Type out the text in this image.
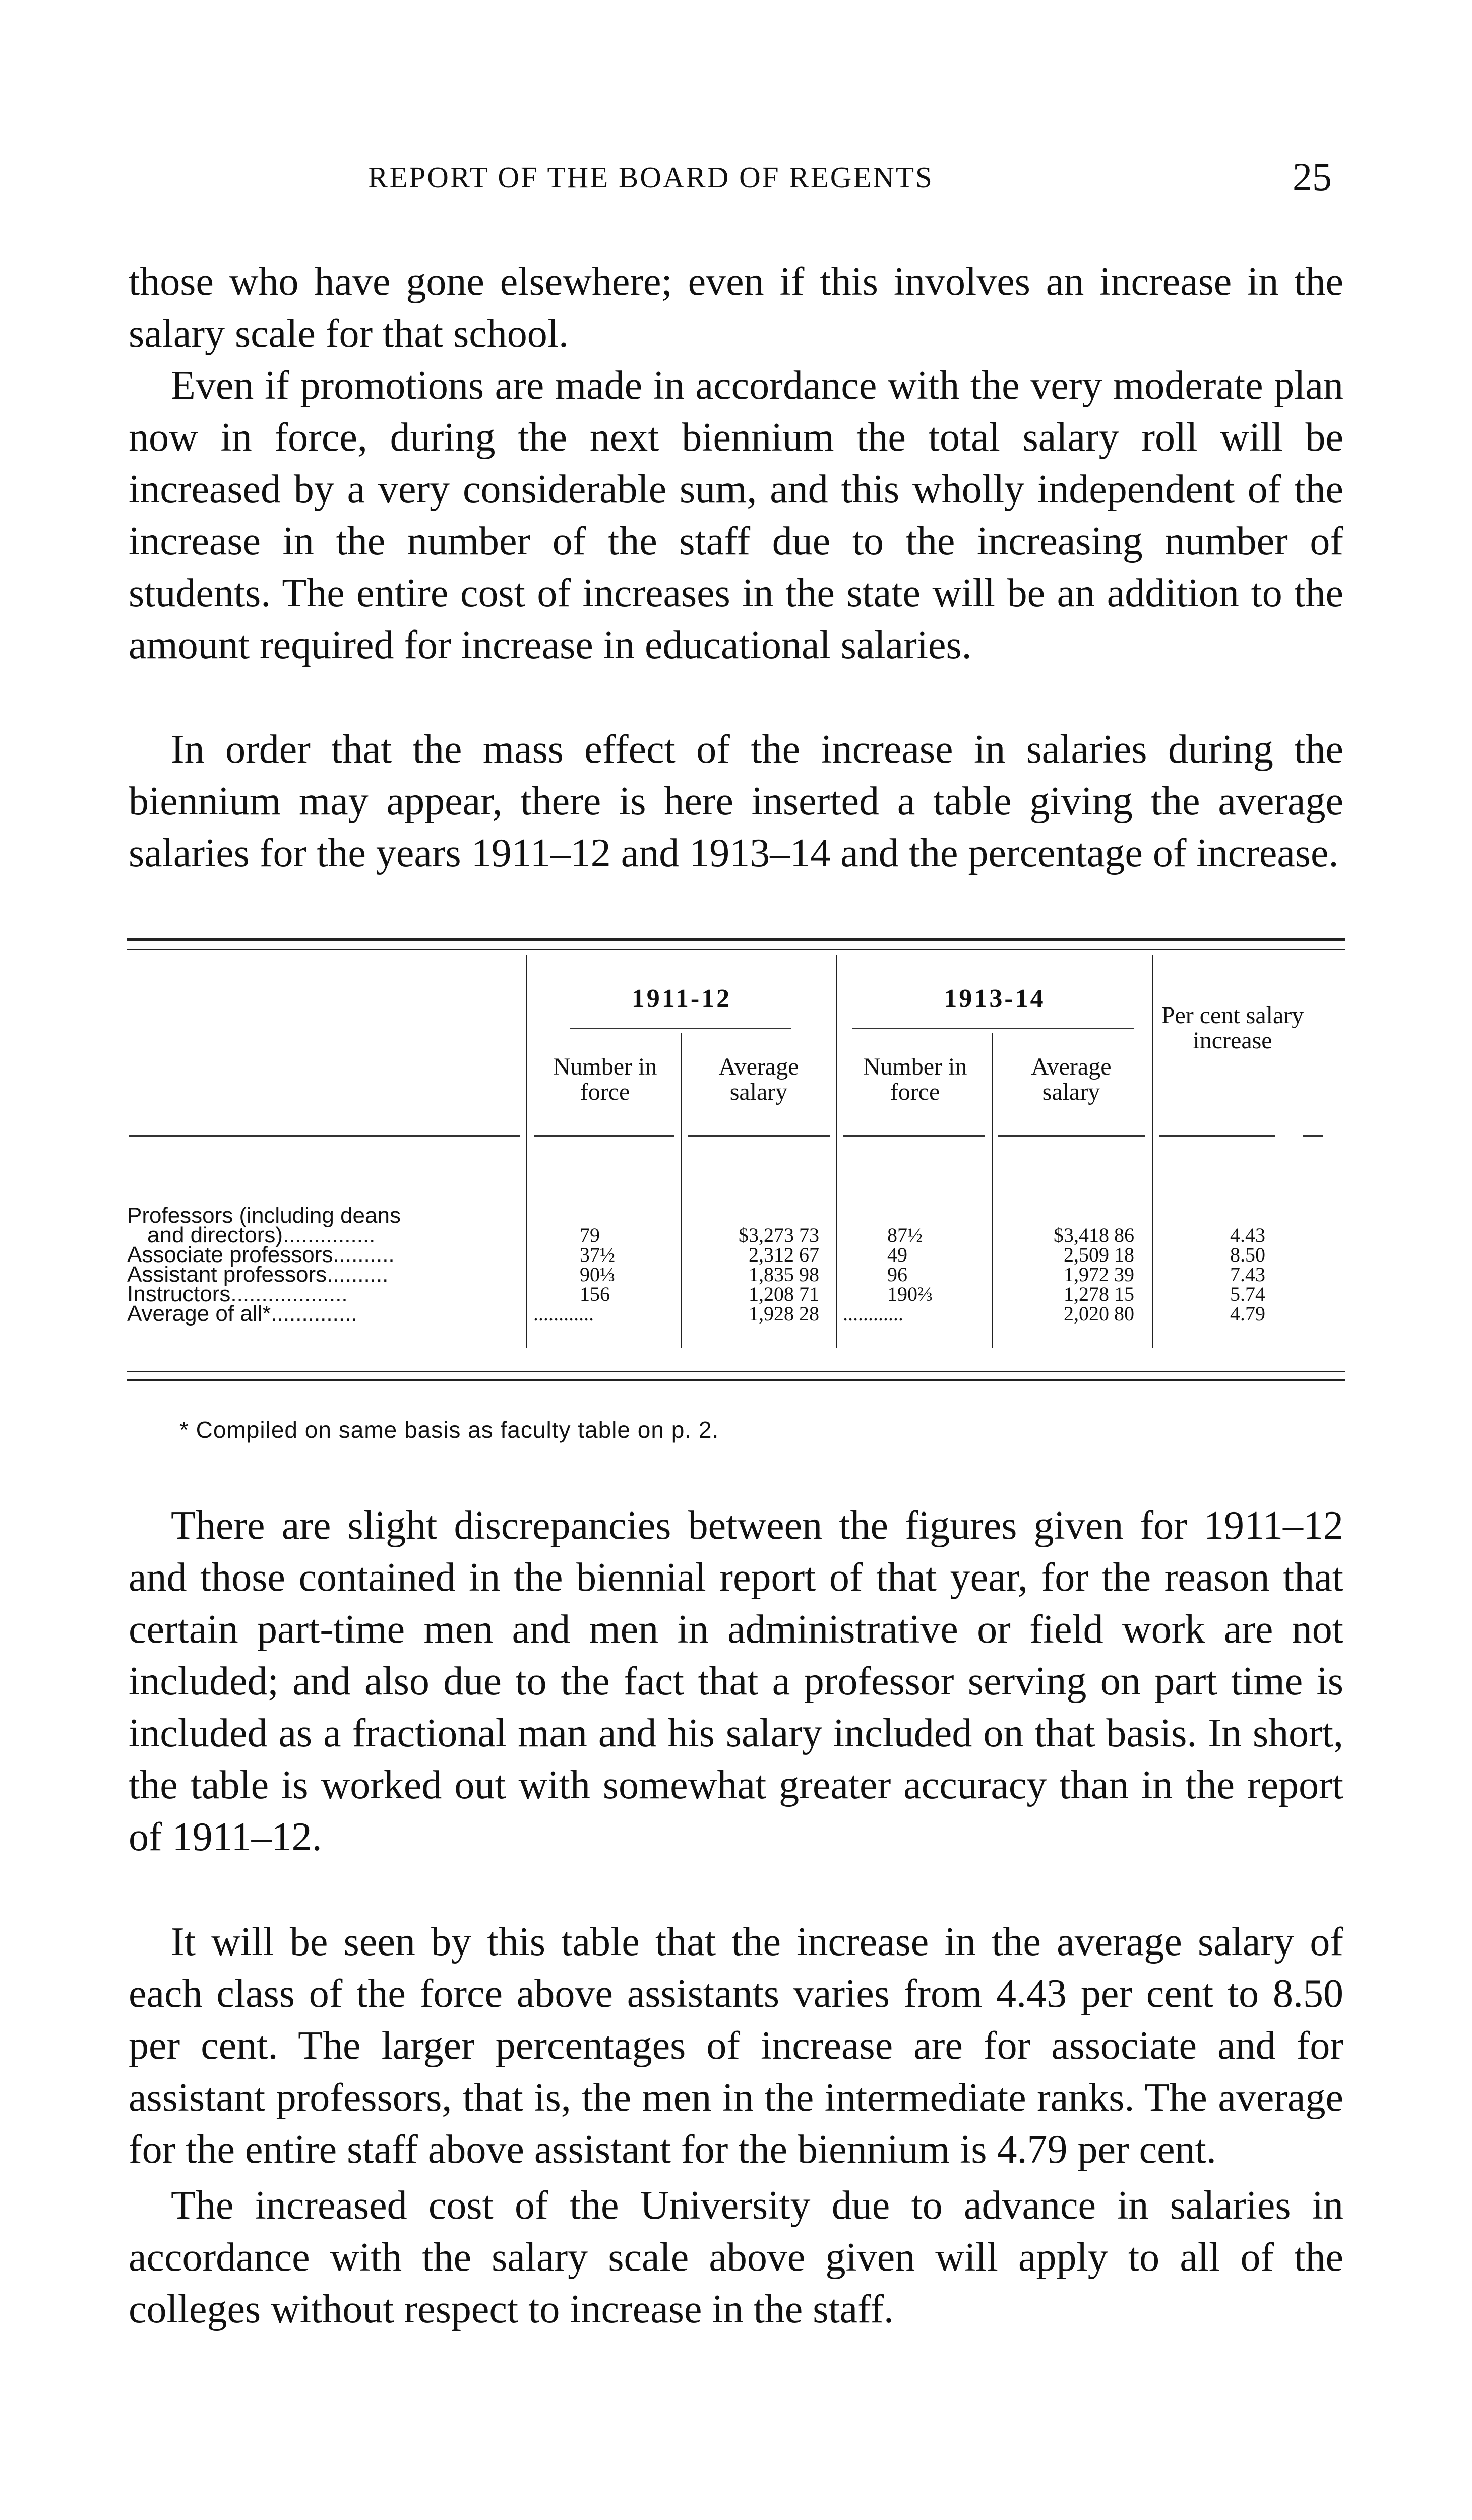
REPORT OF THE BOARD OF REGENTS	25

those who have gone elsewhere; even if this involves an increase in the salary scale for that school.

Even if promotions are made in accordance with the very moderate plan now in force, during the next biennium the total salary roll will be increased by a very considerable sum, and this wholly independent of the increase in the number of the staff due to the increasing number of students. The entire cost of increases in the state will be an addition to the amount required for increase in educational salaries.

In order that the mass effect of the increase in salaries during the biennium may appear, there is here inserted a table giving the average salaries for the years 1911–12 and 1913–14 and the percentage of increase.

1911-12	1913-14
Number in force
Average salary
Number in force
Average salary
Per cent salary increase
Professors (including deans
and directors)...............
Associate professors..........
Assistant professors..........
Instructors...................
Average of all*..............
79
37½
90⅓
156
............
$3,273 73
2,312 67
1,835 98
1,208 71
1,928 28
87½
49
96
190⅔
............
$3,418 86
2,509 18
1,972 39
1,278 15
2,020 80
4.43
8.50
7.43
5.74
4.79
* Compiled on same basis as faculty table on p. 2.

There are slight discrepancies between the figures given for 1911–12 and those contained in the biennial report of that year, for the reason that certain part-time men and men in administrative or field work are not included; and also due to the fact that a professor serving on part time is included as a fractional man and his salary included on that basis. In short, the table is worked out with somewhat greater accuracy than in the report of 1911–12.

It will be seen by this table that the increase in the average salary of each class of the force above assistants varies from 4.43 per cent to 8.50 per cent. The larger percentages of increase are for associate and for assistant professors, that is, the men in the intermediate ranks. The average for the entire staff above assistant for the biennium is 4.79 per cent.

The increased cost of the University due to advance in salaries in accordance with the salary scale above given will apply to all of the colleges without respect to increase in the staff.
